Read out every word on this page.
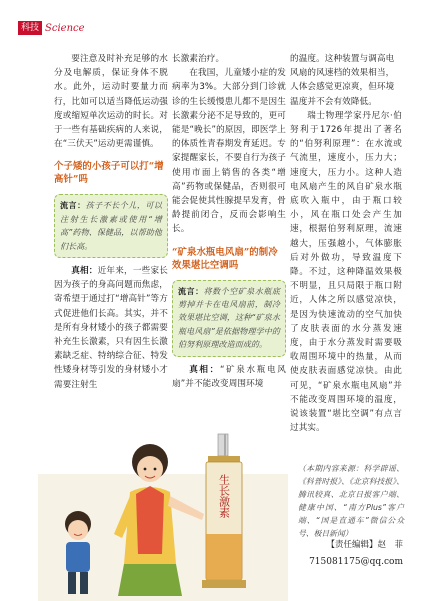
科技 Science

要注意及时补充足够的水分及电解质，保证身体不脱水。此外，运动时要量力而行，比如可以适当降低运动强度或缩短单次运动的时长。对于一些有基础疾病的人来说，在“三伏天”运动更需谨慎。

个子矮的小孩子可以打“增高针”吗
流言：孩子不长个儿，可以注射生长激素或使用“增高”药物、保健品，以帮助他们长高。

真相：近年来，一些家长因为孩子的身高问题而焦虑，寄希望于通过打“增高针”等方式促进他们长高。其实，并不是所有身材矮小的孩子都需要补充生长激素，只有因生长激素缺乏症、特纳综合征、特发性矮身材等引发的身材矮小才需要注射生

长激素治疗。

在我国，儿童矮小症的发病率为3%。大部分到门诊就诊的生长缓慢患儿都不是因生长激素分泌不足导致的，更可能是“晚长”的原因，即医学上的体质性青春期发育延迟。专家提醒家长，不要自行为孩子使用市面上销售的各类“增高”药物或保健品，否则很可能会促使其性腺提早发育，骨龄提前闭合，反而会影响生长。

“矿泉水瓶电风扇”的制冷效果堪比空调吗
流言：将数个空矿泉水瓶底剪掉并卡在电风扇前，制冷效果堪比空调，这种“矿泉水瓶电风扇”是依据物理学中的伯努利原理改造而成的。

真相：“矿泉水瓶电风扇”并不能改变周围环境

的温度。这种装置与调高电风扇的风速档的效果相当，人体会感觉更凉爽，但环境温度并不会有效降低。

瑞士物理学家丹尼尔·伯努利于1726年提出了著名的“伯努利原理”：在水流或气流里，速度小，压力大；速度大，压力小。这种人造电风扇产生的风自矿泉水瓶底吹入瓶中，由于瓶口较小，风在瓶口处会产生加速，根据伯努利原理，流速越大，压强越小，气体膨胀后对外做功，导致温度下降。不过，这种降温效果极不明显，且只局限于瓶口附近，人体之所以感觉凉快，是因为快速流动的空气加快了皮肤表面的水分蒸发速度，由于水分蒸发时需要吸收周围环境中的热量，从而使皮肤表面感觉凉快。由此可见，“矿泉水瓶电风扇”并不能改变周围环境的温度，说该装置“堪比空调”有点言过其实。

（本期内容来源：科学辟谣、《科普时报》、《北京科技报》、腾讯较真、北京日报客户端、健康中国、“南方Plus”客户端、“国是直通车”微信公众号、极目新闻）
【责任编辑】赵　菲
715081175@qq.com
生长激素
